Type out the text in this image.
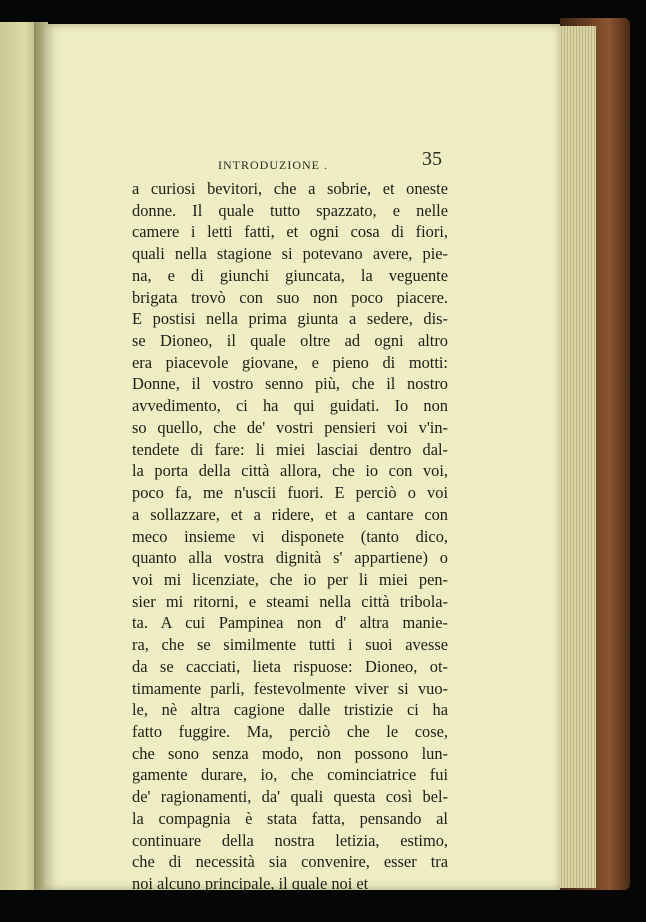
INTRODUZIONE .	35
a curiosi bevitori, che a sobrie, et oneste
donne. Il quale tutto spazzato, e nelle
camere i letti fatti, et ogni cosa di fiori,
quali nella stagione si potevano avere, pie-
na, e di giunchi giuncata, la veguente
brigata trovò con suo non poco piacere.
E postisi nella prima giunta a sedere, dis-
se Dioneo, il quale oltre ad ogni altro
era piacevole giovane, e pieno di motti:
Donne, il vostro senno più, che il nostro
avvedimento, ci ha qui guidati. Io non
so quello, che de' vostri pensieri voi v'in-
tendete di fare: li miei lasciai dentro dal-
la porta della città allora, che io con voi,
poco fa, me n'uscii fuori. E perciò o voi
a sollazzare, et a ridere, et a cantare con
meco insieme vi disponete (tanto dico,
quanto alla vostra dignità s' appartiene) o
voi mi licenziate, che io per li miei pen-
sier mi ritorni, e steami nella città tribola-
ta. A cui Pampinea non d' altra manie-
ra, che se similmente tutti i suoi avesse
da se cacciati, lieta rispuose: Dioneo, ot-
timamente parli, festevolmente viver si vuo-
le, nè altra cagione dalle tristizie ci ha
fatto fuggire. Ma, perciò che le cose,
che sono senza modo, non possono lun-
gamente durare, io, che cominciatrice fui
de' ragionamenti, da' quali questa così bel-
la compagnia è stata fatta, pensando al
continuare della nostra letizia, estimo,
che di necessità sia convenire, esser tra
noi alcuno principale, il quale noi et
